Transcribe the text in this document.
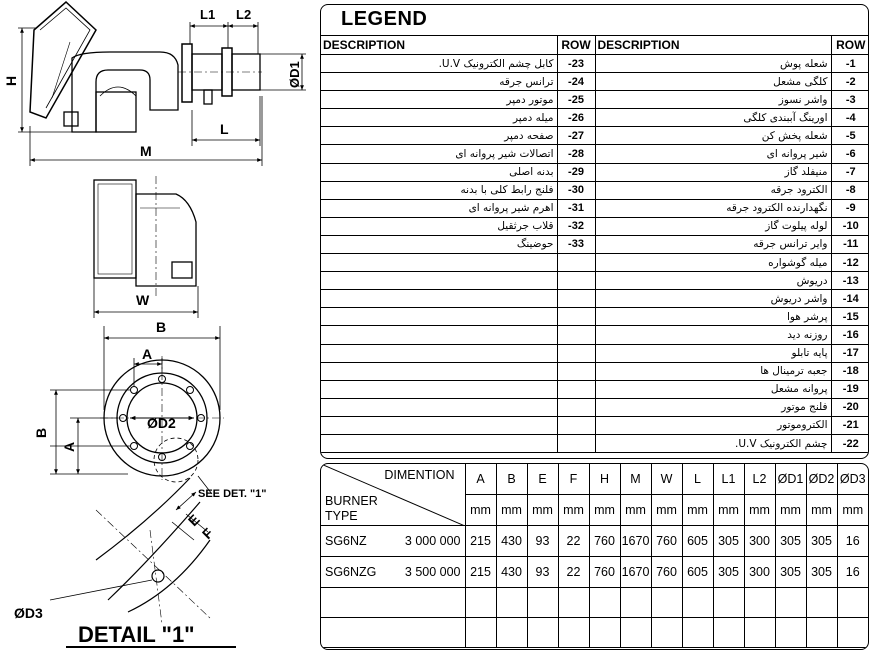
L1 L2
ØD1
H
L
M
W
B
A
ØD2
B
A
SEE DET. "1"
E
F
ØD3
DETAIL "1"
LEGEND
DESCRIPTION	ROW	DESCRIPTION	ROW
کابل چشم الکترونیک U.V.	-23	شعله پوش	-1
ترانس جرقه	-24	کلگی مشعل	-2
موتور دمپر	-25	واشر نسوز	-3
میله دمپر	-26	اورینگ آببندی کلگی	-4
صفحه دمپر	-27	شعله پخش کن	-5
اتصالات شیر پروانه ای	-28	شیر پروانه ای	-6
بدنه اصلی	-29	منیفلد گاز	-7
فلنج رابط کلی با بدنه	-30	الکترود جرقه	-8
اهرم شیر پروانه ای	-31	نگهدارنده الکترود جرقه	-9
قلاب جرثقیل	-32	لوله پیلوت گاز	-10
حوضینگ	-33	وایر ترانس جرقه	-11
		میله گوشواره	-12
		دریوش	-13
		واشر دریوش	-14
		پرشر هوا	-15
		روزنه دید	-16
		پایه تابلو	-17
		جعبه ترمینال ها	-18
		پروانه مشعل	-19
		فلنج موتور	-20
		الکتروموتور	-21
		چشم الکترونیک U.V.	-22
DIMENTION
BURNER
TYPE	A	B	E	F	H	M	W	L	L1	L2	ØD1	ØD2	ØD3
	mm	mm	mm	mm	mm	mm	mm	mm	mm	mm	mm	mm	mm
SG6NZ 3 000 000	215	430	93	22	760	1670	760	605	305	300	305	305	16
SG6NZG 3 500 000	215	430	93	22	760	1670	760	605	305	300	305	305	16
